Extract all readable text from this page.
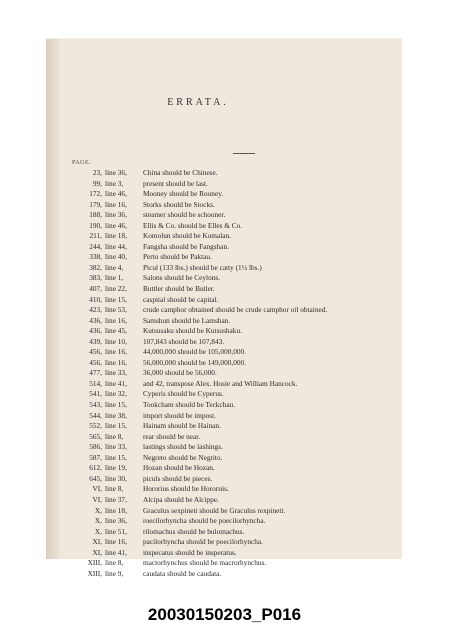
ERRATA.
PAGE.
23, line 36, China should be Chinese.
99, line 3,	present should be last.
172, line 46, Mooney should be Rooney.
179, line 16, Storks should be Stocks.
188, line 36, steamer should be schooner.
190, line 46, Ellis & Co. should be Elles & Co.
211, line 18, Komolun should be Komalan.
244, line 44, Fangsha should be Fangshan.
338, line 40, Perto should be Paktau.
382, line 4,	Picul (133 lbs.) should be catty (1½ lbs.)
383, line 1,	Salons should be Ceylons.
407, line 22, Buttler should be Butler.
410, line 15, caspital should be capital.
423, line 53, crude camphor obtained should be crude camphor oil obtained.
436, line 16, Samshun should be Lamshan.
436, line 45, Kutsusaku should be Kutsushaku.
439, line 10, 107,843 should be 107,843.
456, line 16, 44,000,000 should be 105,000,000.
456, line 16, 56,000,000 should be 149,000,000.
477, line 33, 36,000 should be 56,000.
514, line 41, and 42, transpose Alex. Hosie and William Hancock.
541, line 32, Cyperis should be Cyperus.
543, line 15, Tookcham should be Teckchau.
544, line 38, import should be impost.
552, line 15, Hainam should be Hainan.
565, line 8,	rear should be near.
586, line 33, lastings should be lashings.
587, line 15, Negreto should be Negrito.
612, line 19, Hozan should be Hozan.
645, line 30, piculs should be pieces.
VI, line 8,	Hororius should be Hororнis.
VI, line 37, Alcipa should be Alcippe.
X, line 18, Graculus sexpineti should be Graculus rexpineti.
X, line 36, roecilorhyncha should be poecilorhyncha.
X, line 51, rilomachus should be bulomachus.
XI, line 16, pacilorhyncha should be poecilorhyncha.
XI, line 41, inspecatus should be insperatus.
XIII, line 8,	mactorhynchus should be macrorhynchus.
XIII, line 9,	caudata should be caudata.
20030150203_P016
